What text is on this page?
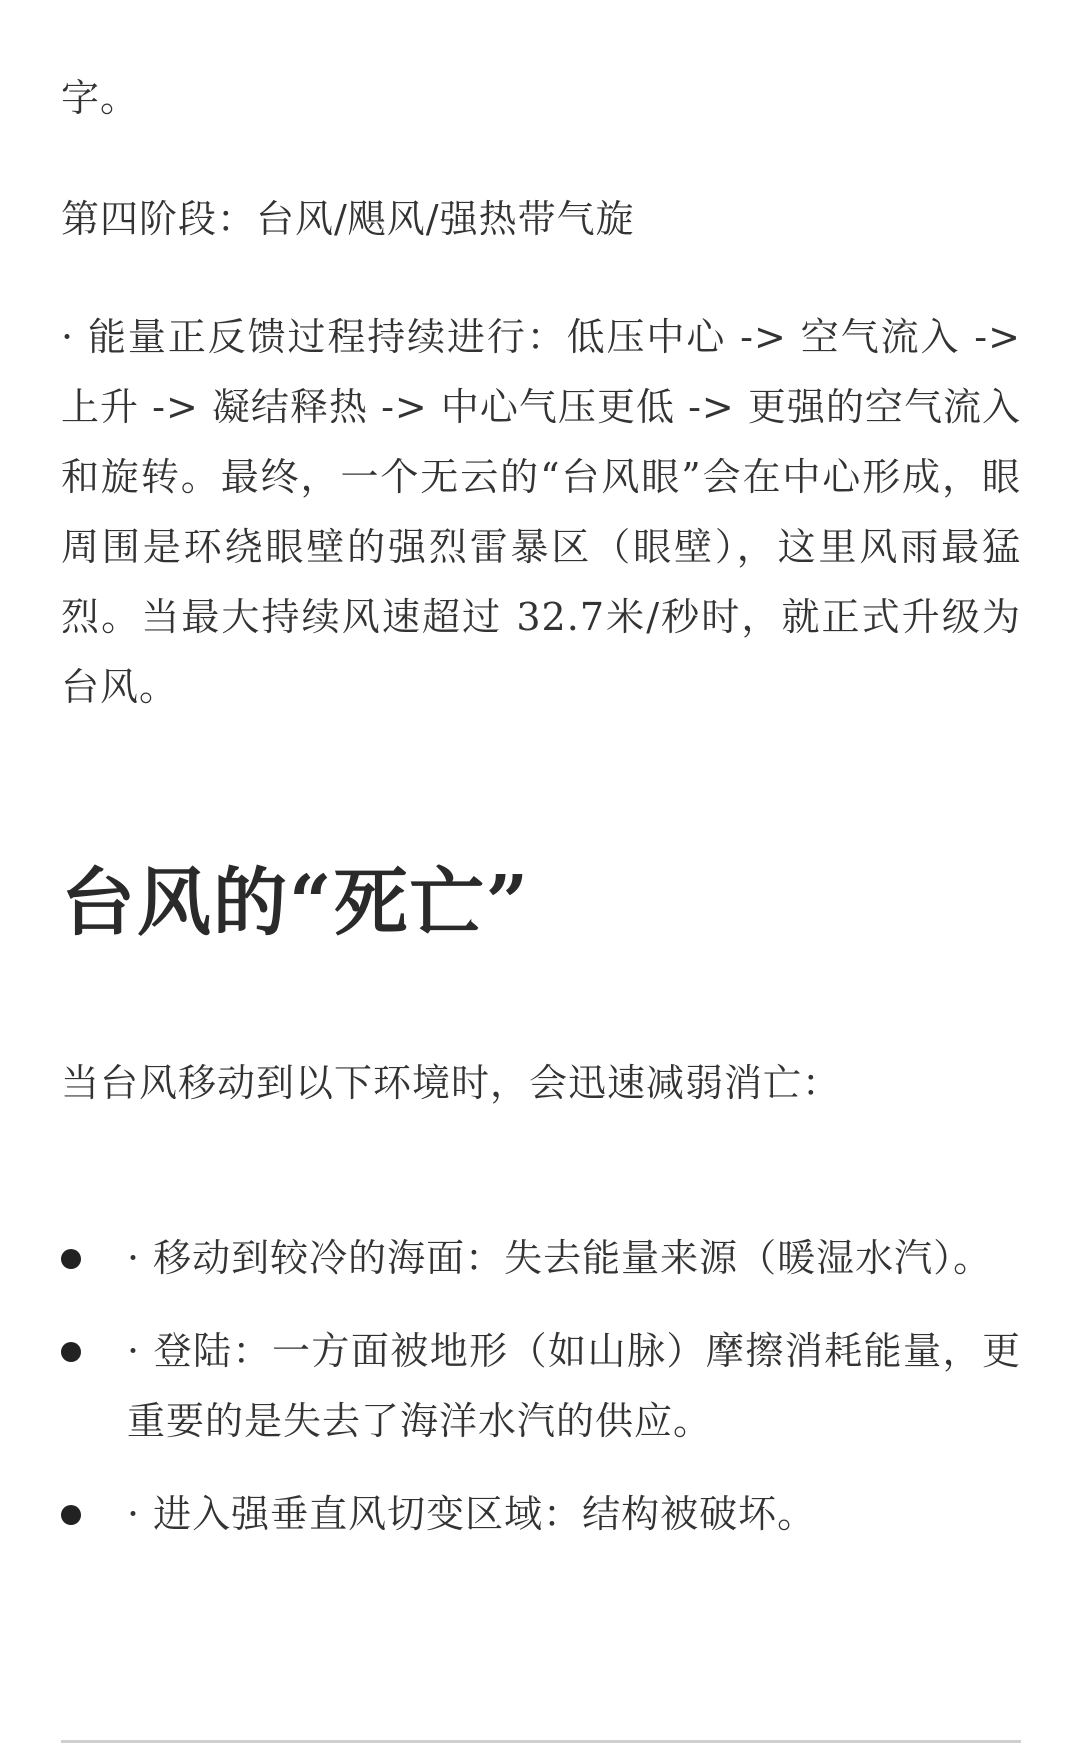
字。

第四阶段：台风/飓风/强热带气旋

· 能量正反馈过程持续进行：低压中心 -> 空气流入 -> 上升 -> 凝结释热 -> 中心气压更低 -> 更强的空气流入和旋转。最终，一个无云的“台风眼”会在中心形成，眼周围是环绕眼壁的强烈雷暴区（眼壁），这里风雨最猛烈。当最大持续风速超过 32.7米/秒时，就正式升级为台风。

台风的“死亡”

当台风移动到以下环境时，会迅速减弱消亡：

· 移动到较冷的海面：失去能量来源（暖湿水汽）。
· 登陆：一方面被地形（如山脉）摩擦消耗能量，更重要的是失去了海洋水汽的供应。
· 进入强垂直风切变区域：结构被破坏。
